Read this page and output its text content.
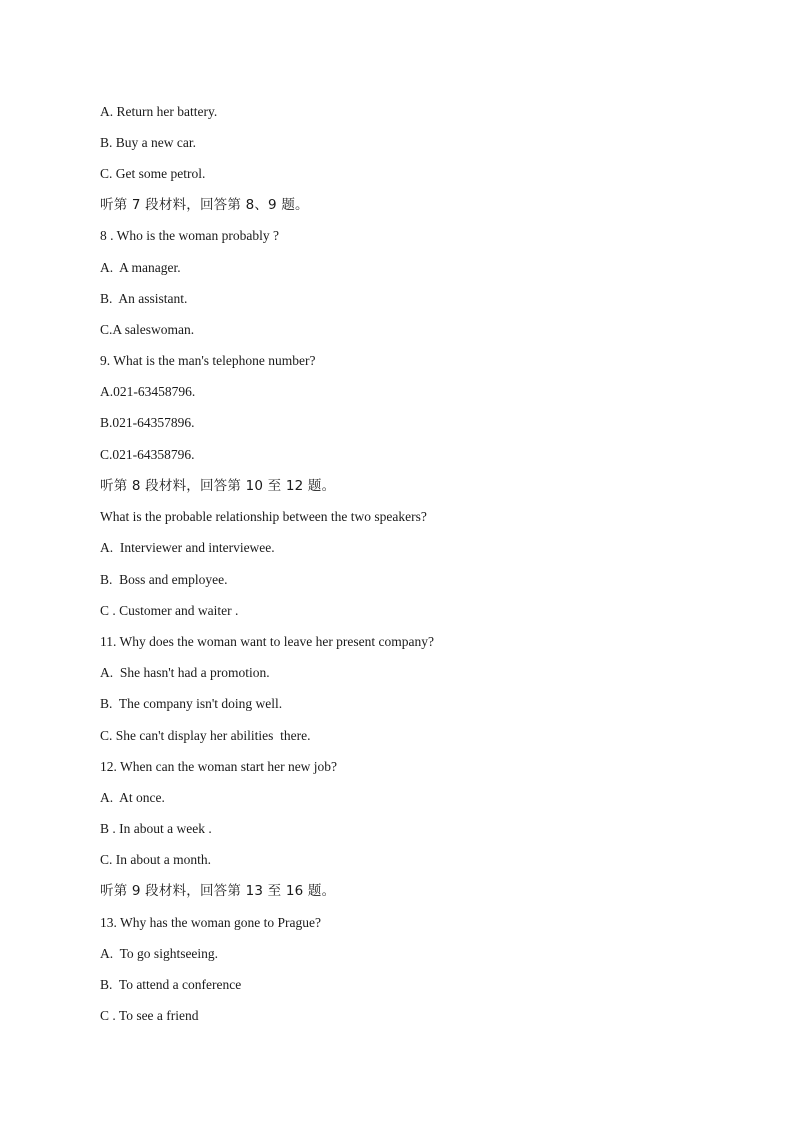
A. Return her battery.
B. Buy a new car.
C. Get some petrol.
听第 7 段材料，回答第 8、9 题。
8 . Who is the woman probably ?
A.  A manager.
B.  An assistant.
C.A saleswoman.
9. What is the man's telephone number?
A.021-63458796.
B.021-64357896.
C.021-64358796.
听第 8 段材料，回答第 10 至 12 题。
What is the probable relationship between the two speakers?
A.  Interviewer and interviewee.
B.  Boss and employee.
C . Customer and waiter .
11. Why does the woman want to leave her present company?
A.  She hasn't had a promotion.
B.  The company isn't doing well.
C. She can't display her abilities  there.
12. When can the woman start her new job?
A.  At once.
B . In about a week .
C. In about a month.
听第 9 段材料，回答第 13 至 16 题。
13. Why has the woman gone to Prague?
A.  To go sightseeing.
B.  To attend a conference
C . To see a friend
